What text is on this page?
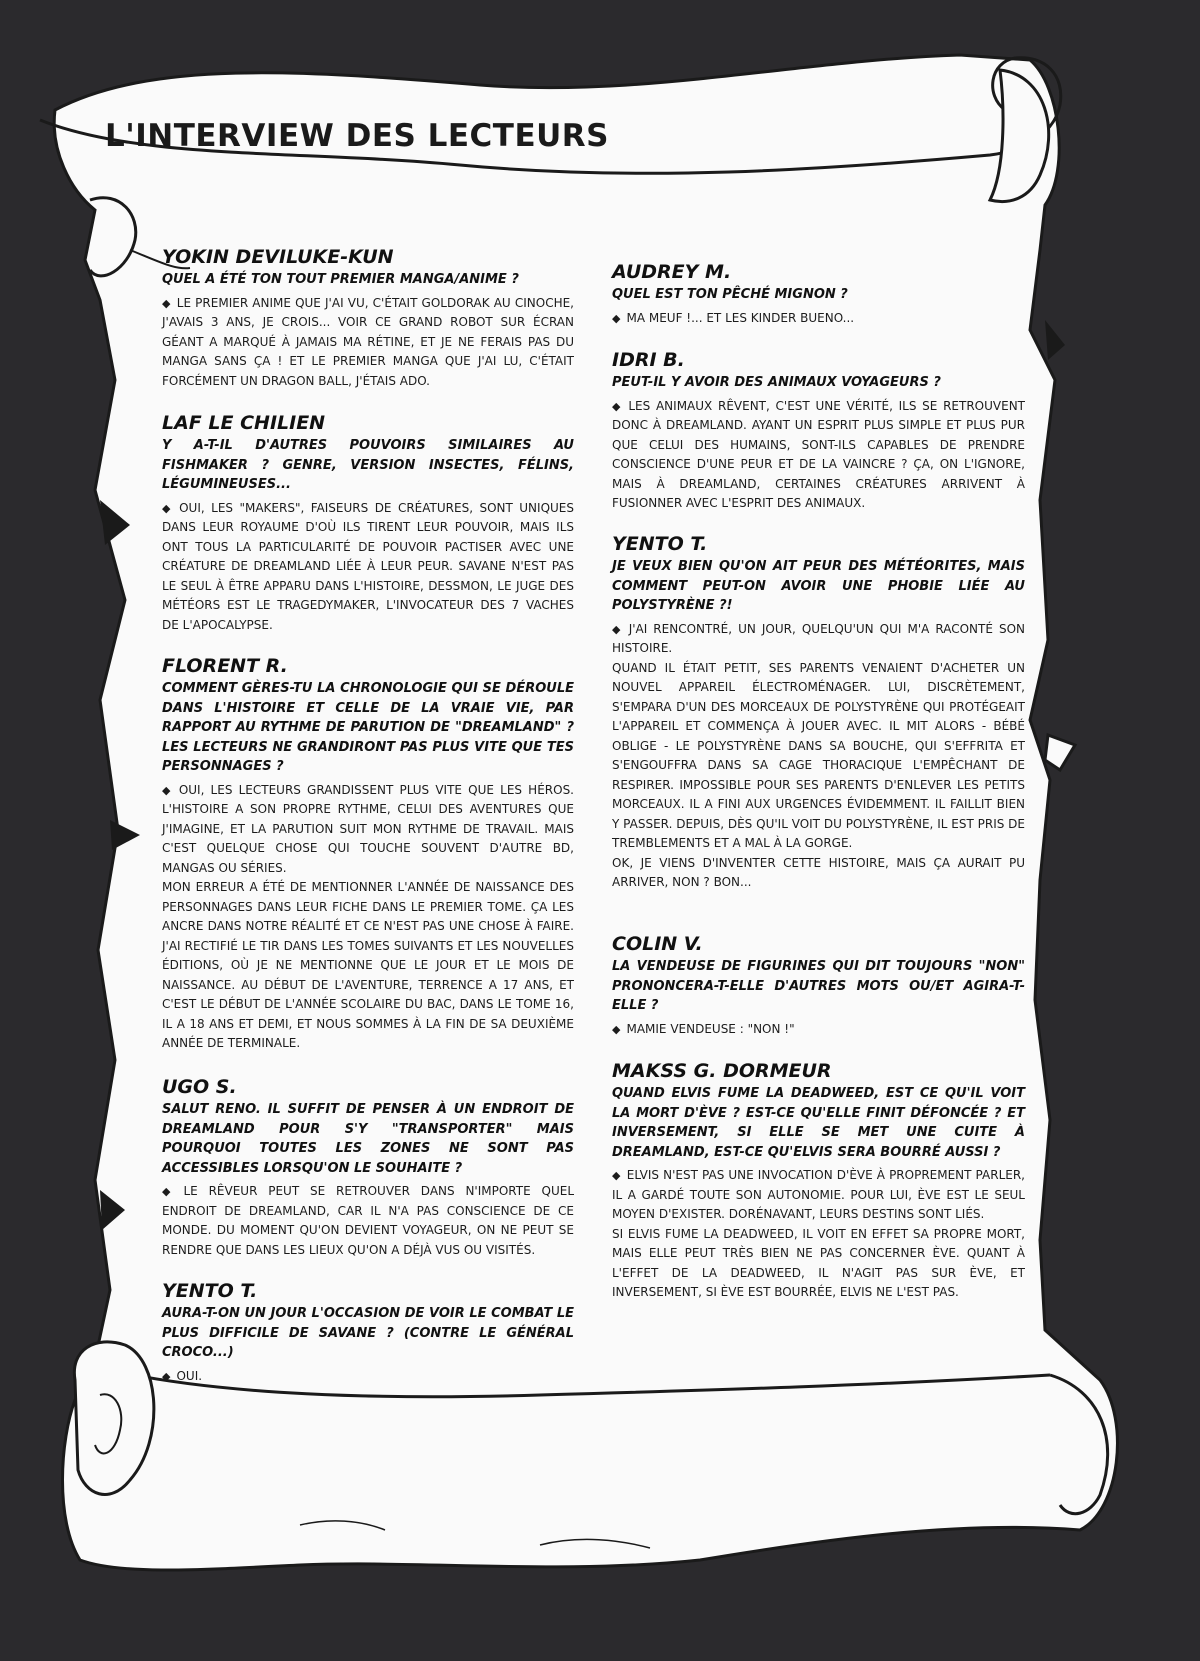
L'INTERVIEW DES LECTEURS

YOKIN DEVILUKE-KUN

QUEL A ÉTÉ TON TOUT PREMIER MANGA/ANIME ?

◆ LE PREMIER ANIME QUE J'AI VU, C'ÉTAIT GOLDORAK AU CINOCHE, J'AVAIS 3 ANS, JE CROIS... VOIR CE GRAND ROBOT SUR ÉCRAN GÉANT A MARQUÉ À JAMAIS MA RÉTINE, ET JE NE FERAIS PAS DU MANGA SANS ÇA ! ET LE PREMIER MANGA QUE J'AI LU, C'ÉTAIT FORCÉMENT UN DRAGON BALL, J'ÉTAIS ADO.

LAF LE CHILIEN

Y A-T-IL D'AUTRES POUVOIRS SIMILAIRES AU FISHMAKER ? GENRE, VERSION INSECTES, FÉLINS, LÉGUMINEUSES...

◆ OUI, LES "MAKERS", FAISEURS DE CRÉATURES, SONT UNIQUES DANS LEUR ROYAUME D'OÙ ILS TIRENT LEUR POUVOIR, MAIS ILS ONT TOUS LA PARTICULARITÉ DE POUVOIR PACTISER AVEC UNE CRÉATURE DE DREAMLAND LIÉE À LEUR PEUR. SAVANE N'EST PAS LE SEUL À ÊTRE APPARU DANS L'HISTOIRE, DESSMON, LE JUGE DES MÉTÉORS EST LE TRAGEDYMAKER, L'INVOCATEUR DES 7 VACHES DE L'APOCALYPSE.

FLORENT R.

COMMENT GÈRES-TU LA CHRONOLOGIE QUI SE DÉROULE DANS L'HISTOIRE ET CELLE DE LA VRAIE VIE, PAR RAPPORT AU RYTHME DE PARUTION DE "DREAMLAND" ? LES LECTEURS NE GRANDIRONT PAS PLUS VITE QUE TES PERSONNAGES ?

◆ OUI, LES LECTEURS GRANDISSENT PLUS VITE QUE LES HÉROS. L'HISTOIRE A SON PROPRE RYTHME, CELUI DES AVENTURES QUE J'IMAGINE, ET LA PARUTION SUIT MON RYTHME DE TRAVAIL. MAIS C'EST QUELQUE CHOSE QUI TOUCHE SOUVENT D'AUTRE BD, MANGAS OU SÉRIES.
MON ERREUR A ÉTÉ DE MENTIONNER L'ANNÉE DE NAISSANCE DES PERSONNAGES DANS LEUR FICHE DANS LE PREMIER TOME. ÇA LES ANCRE DANS NOTRE RÉALITÉ ET CE N'EST PAS UNE CHOSE À FAIRE. J'AI RECTIFIÉ LE TIR DANS LES TOMES SUIVANTS ET LES NOUVELLES ÉDITIONS, OÙ JE NE MENTIONNE QUE LE JOUR ET LE MOIS DE NAISSANCE. AU DÉBUT DE L'AVENTURE, TERRENCE A 17 ANS, ET C'EST LE DÉBUT DE L'ANNÉE SCOLAIRE DU BAC, DANS LE TOME 16, IL A 18 ANS ET DEMI, ET NOUS SOMMES À LA FIN DE SA DEUXIÈME ANNÉE DE TERMINALE.

UGO S.

SALUT RENO. IL SUFFIT DE PENSER À UN ENDROIT DE DREAMLAND POUR S'Y "TRANSPORTER" MAIS POURQUOI TOUTES LES ZONES NE SONT PAS ACCESSIBLES LORSQU'ON LE SOUHAITE ?

◆ LE RÊVEUR PEUT SE RETROUVER DANS N'IMPORTE QUEL ENDROIT DE DREAMLAND, CAR IL N'A PAS CONSCIENCE DE CE MONDE. DU MOMENT QU'ON DEVIENT VOYAGEUR, ON NE PEUT SE RENDRE QUE DANS LES LIEUX QU'ON A DÉJÀ VUS OU VISITÉS.

YENTO T.

AURA-T-ON UN JOUR L'OCCASION DE VOIR LE COMBAT LE PLUS DIFFICILE DE SAVANE ? (CONTRE LE GÉNÉRAL CROCO...)

◆ OUI.

AUDREY M.

QUEL EST TON PÊCHÉ MIGNON ?

◆ MA MEUF !... ET LES KINDER BUENO...

IDRI B.

PEUT-IL Y AVOIR DES ANIMAUX VOYAGEURS ?

◆ LES ANIMAUX RÊVENT, C'EST UNE VÉRITÉ, ILS SE RETROUVENT DONC À DREAMLAND. AYANT UN ESPRIT PLUS SIMPLE ET PLUS PUR QUE CELUI DES HUMAINS, SONT-ILS CAPABLES DE PRENDRE CONSCIENCE D'UNE PEUR ET DE LA VAINCRE ? ÇA, ON L'IGNORE, MAIS À DREAMLAND, CERTAINES CRÉATURES ARRIVENT À FUSIONNER AVEC L'ESPRIT DES ANIMAUX.

YENTO T.

JE VEUX BIEN QU'ON AIT PEUR DES MÉTÉORITES, MAIS COMMENT PEUT-ON AVOIR UNE PHOBIE LIÉE AU POLYSTYRÈNE ?!

◆ J'AI RENCONTRÉ, UN JOUR, QUELQU'UN QUI M'A RACONTÉ SON HISTOIRE.
QUAND IL ÉTAIT PETIT, SES PARENTS VENAIENT D'ACHETER UN NOUVEL APPAREIL ÉLECTROMÉNAGER. LUI, DISCRÈTEMENT, S'EMPARA D'UN DES MORCEAUX DE POLYSTYRÈNE QUI PROTÉGEAIT L'APPAREIL ET COMMENÇA À JOUER AVEC. IL MIT ALORS - BÉBÉ OBLIGE - LE POLYSTYRÈNE DANS SA BOUCHE, QUI S'EFFRITA ET S'ENGOUFFRA DANS SA CAGE THORACIQUE L'EMPÊCHANT DE RESPIRER. IMPOSSIBLE POUR SES PARENTS D'ENLEVER LES PETITS MORCEAUX. IL A FINI AUX URGENCES ÉVIDEMMENT. IL FAILLIT BIEN Y PASSER. DEPUIS, DÈS QU'IL VOIT DU POLYSTYRÈNE, IL EST PRIS DE TREMBLEMENTS ET A MAL À LA GORGE.
OK, JE VIENS D'INVENTER CETTE HISTOIRE, MAIS ÇA AURAIT PU ARRIVER, NON ? BON...

COLIN V.

LA VENDEUSE DE FIGURINES QUI DIT TOUJOURS "NON" PRONONCERA-T-ELLE D'AUTRES MOTS OU/ET AGIRA-T-ELLE ?

◆ MAMIE VENDEUSE : "NON !"

MAKSS G. DORMEUR

QUAND ELVIS FUME LA DEADWEED, EST CE QU'IL VOIT LA MORT D'ÈVE ? EST-CE QU'ELLE FINIT DÉFONCÉE ? ET INVERSEMENT, SI ELLE SE MET UNE CUITE À DREAMLAND, EST-CE QU'ELVIS SERA BOURRÉ AUSSI ?

◆ ELVIS N'EST PAS UNE INVOCATION D'ÈVE À PROPREMENT PARLER, IL A GARDÉ TOUTE SON AUTONOMIE. POUR LUI, ÈVE EST LE SEUL MOYEN D'EXISTER. DORÉNAVANT, LEURS DESTINS SONT LIÉS.
SI ELVIS FUME LA DEADWEED, IL VOIT EN EFFET SA PROPRE MORT, MAIS ELLE PEUT TRÈS BIEN NE PAS CONCERNER ÈVE. QUANT À L'EFFET DE LA DEADWEED, IL N'AGIT PAS SUR ÈVE, ET INVERSEMENT, SI ÈVE EST BOURRÉE, ELVIS NE L'EST PAS.
